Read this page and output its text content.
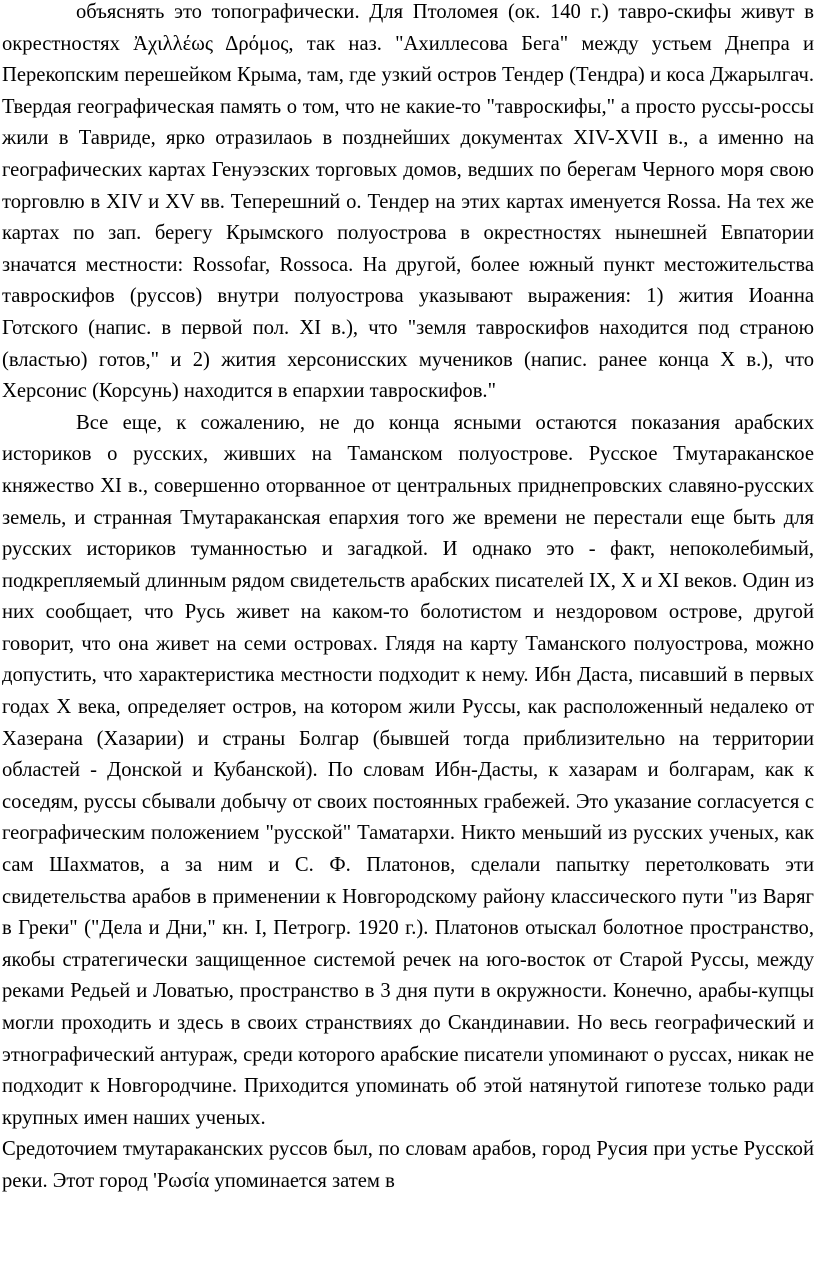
объяснять это топографически. Для Птоломея (ок. 140 г.) тавро-скифы живут в окрестностях Ἀχιλλέως Δρόμος, так наз. "Ахиллесова Бега" между устьем Днепра и Перекопским перешейком Крыма, там, где узкий остров Тендер (Тендра) и коса Джарылгач. Твердая географическая память о том, что не какие-то "тавроскифы," а просто руссы-россы жили в Тавриде, ярко отразилаоь в позднейших документах XIV-XVII в., а именно на географических картах Генуэзских торговых домов, ведших по берегам Черного моря свою торговлю в XIV и XV вв. Теперешний о. Тендер на этих картах именуется Rossa. На тех же картах по зап. берегу Крымского полуострова в окрестностях нынешней Евпатории значатся местности: Rossofar, Rossoca. На другой, более южный пункт местожительства тавроскифов (руссов) внутри полуострова указывают выражения: 1) жития Иоанна Готского (напис. в первой пол. XI в.), что "земля тавроскифов находится под страною (властью) готов," и 2) жития херсонисских мучеников (напис. ранее конца X в.), что Херсонис (Корсунь) находится в епархии тавроскифов."

Все еще, к сожалению, не до конца ясными остаются показания арабских историков о русских, живших на Таманском полуострове. Русское Тмутараканское княжество XI в., совершенно оторванное от центральных приднепровских славяно-русских земель, и странная Тмутараканская епархия того же времени не перестали еще быть для русских историков туманностью и загадкой. И однако это - факт, непоколебимый, подкрепляемый длинным рядом свидетельств арабских писателей IX, X и XI веков. Один из них сообщает, что Русь живет на каком-то болотистом и нездоровом острове, другой говорит, что она живет на семи островах. Глядя на карту Таманского полуострова, можно допустить, что характеристика местности подходит к нему. Ибн Даста, писавший в первых годах X века, определяет остров, на котором жили Руссы, как расположенный недалеко от Хазерана (Хазарии) и страны Болгар (бывшей тогда приблизительно на территории областей - Донской и Кубанской). По словам Ибн-Дасты, к хазарам и болгарам, как к соседям, руссы сбывали добычу от своих постоянных грабежей. Это указание согласуется с географическим положением "русской" Таматархи. Никто меньший из русских ученых, как сам Шахматов, а за ним и С. Ф. Платонов, сделали папытку перетолковать эти свидетельства арабов в применении к Новгородскому району классического пути "из Варяг в Греки" ("Дела и Дни," кн. I, Петрогр. 1920 г.). Платонов отыскал болотное пространство, якобы стратегически защищенное системой речек на юго-восток от Старой Руссы, между реками Редьей и Ловатью, пространство в 3 дня пути в окружности. Конечно, арабы-купцы могли проходить и здесь в своих странствиях до Скандинавии. Но весь географический и этнографический антураж, среди которого арабские писатели упоминают о руссах, никак не подходит к Новгородчине. Приходится упоминать об этой натянутой гипотезе только ради крупных имен наших ученых.

Средоточием тмутараканских руссов был, по словам арабов, город Русия при устье Русской реки. Этот город 'Ρωσία упоминается затем в
